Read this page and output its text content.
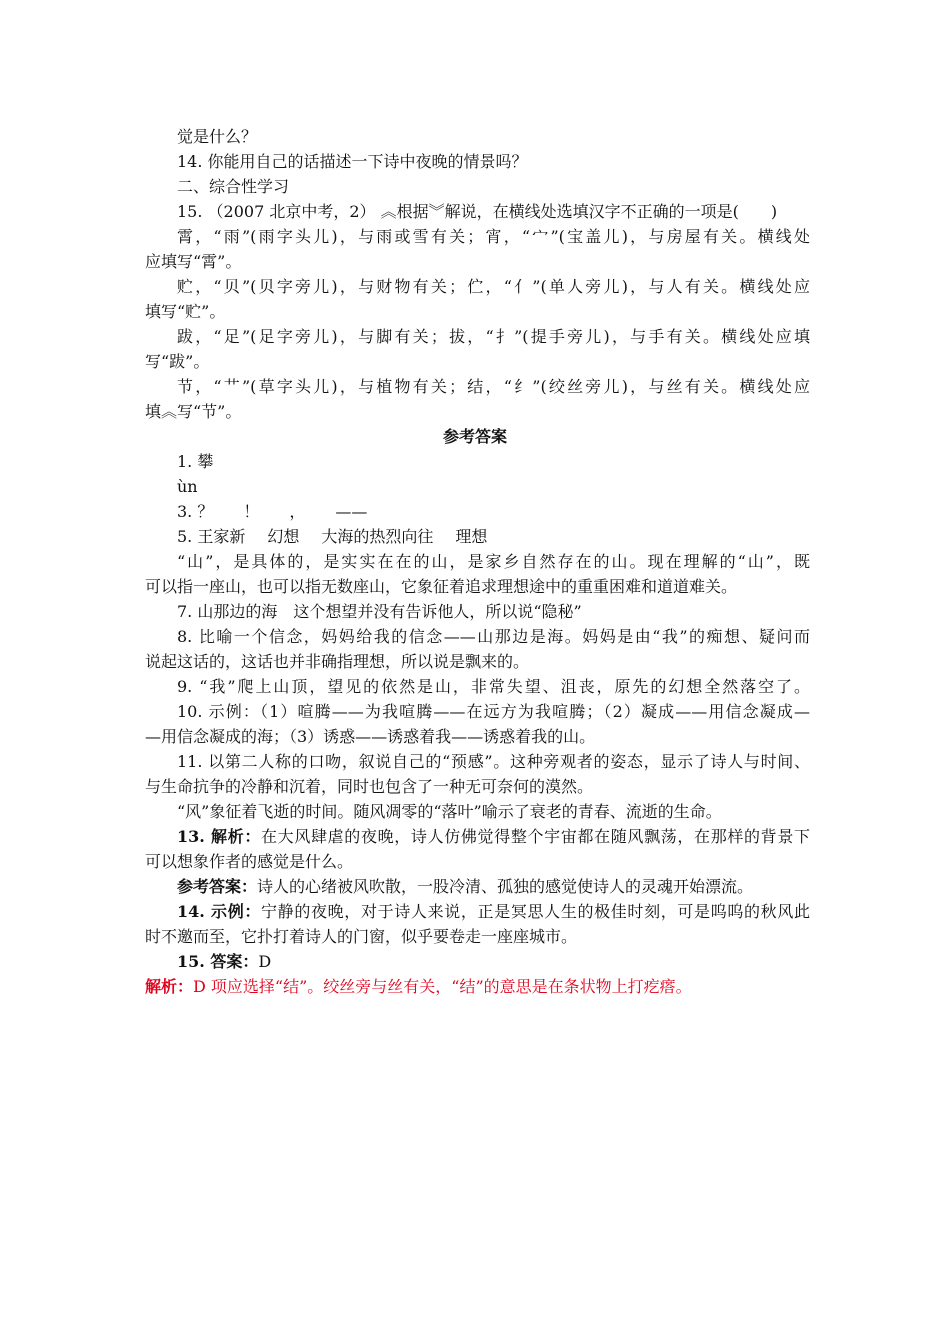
觉是什么？
14. 你能用自己的话描述一下诗中夜晚的情景吗？
二、综合性学习
15. （2007 北京中考，2） ︽根据︾解说，在横线处选填汉字不正确的一项是(　　)
霄，“雨”(雨字头儿)，与雨或雪有关；宵，“宀”(宝盖儿)，与房屋有关。横线处
应填写“霄”。
贮，“贝”(贝字旁儿)，与财物有关；伫，“亻”(单人旁儿)，与人有关。横线处应
填写“贮”。
跋，“足”(足字旁儿)，与脚有关；拔，“扌”(提手旁儿)，与手有关。横线处应填
写“跋”。
节，“艹”(草字头儿)，与植物有关；结，“纟”(绞丝旁儿)，与丝有关。横线处应
填︽写“节”。
参考答案
1. 攀
ùn
3. ？ ！ ， ——
5. 王家新 幻想 大海的热烈向往 理想
“山”，是具体的，是实实在在的山，是家乡自然存在的山。现在理解的“山”，既
可以指一座山，也可以指无数座山，它象征着追求理想途中的重重困难和道道难关。
7. 山那边的海　这个想望并没有告诉他人，所以说“隐秘”
8. 比喻一个信念，妈妈给我的信念——山那边是海。妈妈是由“我”的痴想、疑问而
说起这话的，这话也并非确指理想，所以说是飘来的。
9. “我”爬上山顶，望见的依然是山，非常失望、沮丧，原先的幻想全然落空了。
10. 示例：（1）喧腾——为我喧腾——在远方为我喧腾；（2）凝成——用信念凝成—
—用信念凝成的海；（3）诱惑——诱惑着我——诱惑着我的山。
11. 以第二人称的口吻，叙说自己的“预感”。这种旁观者的姿态，显示了诗人与时间、
与生命抗争的冷静和沉着，同时也包含了一种无可奈何的漠然。
“风”象征着飞逝的时间。随风凋零的“落叶”喻示了衰老的青春、流逝的生命。
13. 解析：在大风肆虐的夜晚，诗人仿佛觉得整个宇宙都在随风飘荡，在那样的背景下
可以想象作者的感觉是什么。
参考答案：诗人的心绪被风吹散，一股冷清、孤独的感觉使诗人的灵魂开始漂流。
14. 示例：宁静的夜晚，对于诗人来说，正是冥思人生的极佳时刻，可是呜呜的秋风此
时不邀而至，它扑打着诗人的门窗，似乎要卷走一座座城市。
15. 答案：D
解析：D 项应选择“结”。绞丝旁与丝有关，“结”的意思是在条状物上打疙瘩。
